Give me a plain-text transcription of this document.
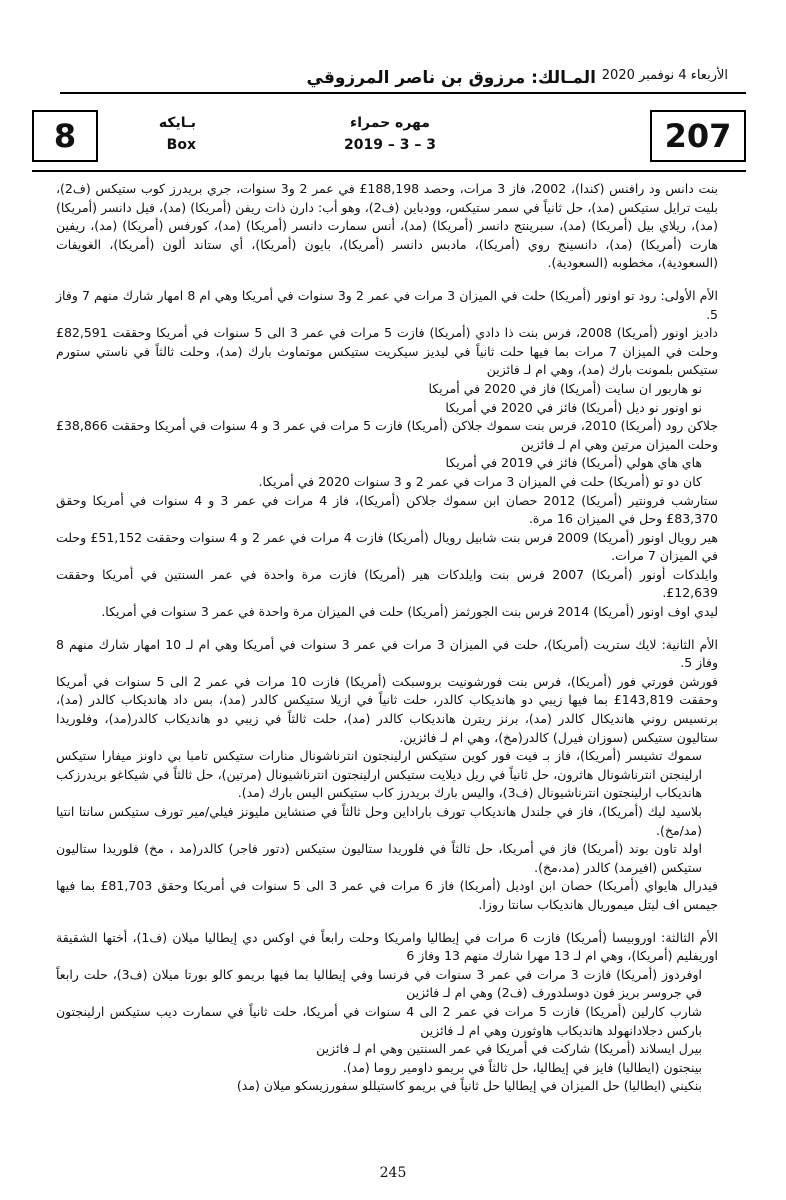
الأربعاء 4 نوفمبر 2020
المـالك: مرزوق بن ناصر المرزوقي
207
مهره حمراء
2019 – 3 – 3
بـايكه
Box
8

بنت دانس ود رافنس (كندا)، 2002، فاز 3 مرات، وحصد 188,198£ في عمر 2 و3 سنوات، جري بريدرز كوب ستيكس (ف2)، بليت ترايل ستيكس (مد)، حل ثانياً في سمر ستيكس، وودباين (ف2)، وهو أب: دارن ذات ريفن (أمريكا) (مد)، فيل دانسر (أمريكا) (مد)، ريلاي بيل (أمريكا) (مد)، سبرينتج دانسر (أمريكا) (مد)، أنس سمارت دانسر (أمريكا) (مد)، كورفس (أمريكا) (مد)، ريفين هارت (أمريكا) (مد)، دانسينج روي (أمريكا)، مادبس دانسر (أمريكا)، بايون (أمريكا)، أي ستاند ألون (أمريكا)، الغويفات (السعودية)، مخطوبه (السعودية).

الأم الأولى: رود تو اونور (أمريكا) حلت في الميزان 3 مرات في عمر 2 و3 سنوات في أمريكا وهي ام 8 امهار شارك منهم 7 وفاز 5.

داديز اونور (أمريكا) 2008، فرس بنت ذا دادي (أمريكا) فازت 5 مرات في عمر 3 الى 5 سنوات في أمريكا وحققت 82,591£ وحلت في الميزان 7 مرات بما فيها حلت ثانياً في ليديز سيكريت ستيكس موتماوث بارك (مد)، وحلت ثالثاً في ناستي ستورم ستيكس بلمونت بارك (مد)، وهي ام لـ فائزين

نو هاربور ان سايت (أمريكا) فاز في 2020 في أمريكا

نو اونور نو ديل (أمريكا) فائز في 2020 في أمريكا

جلاكن رود (أمريكا) 2010، فرس بنت سموك جلاكن (أمريكا) فازت 5 مرات في عمر 3 و 4 سنوات في أمريكا وحققت 38,866£ وحلت الميزان مرتين وهي ام لـ فائزين

هاي هاي هولي (أمريكا) فائز في 2019 في أمريكا

كان دو تو (أمريكا) حلت في الميزان 3 مرات في عمر 2 و 3 سنوات 2020 في أمريكا.

ستارشب فرونتير (أمريكا) 2012 حصان ابن سموك جلاكن (أمريكا)، فاز 4 مرات في عمر 3 و 4 سنوات في أمريكا وحقق 83,370£ وحل في الميزان 16 مرة.

هير رويال اونور (أمريكا) 2009 فرس بنت شابيل رويال (أمريكا) فازت 4 مرات في عمر 2 و 4 سنوات وحققت 51,152£ وحلت في الميزان 7 مرات.

وايلدكات أونور (أمريكا) 2007 فرس بنت وايلدكات هير (أمريكا) فازت مرة واحدة في عمر السنتين في أمريكا وحققت 12,639£.

ليدي اوف اونور (أمريكا) 2014 فرس بنت الجورثمز (أمريكا) حلت في الميزان مرة واحدة في عمر 3 سنوات في أمريكا.

الأم الثانية: لايك ستريت (أمريكا)، حلت في الميزان 3 مرات في عمر 3 سنوات في أمريكا وهي ام لـ 10 امهار شارك منهم 8 وفاز 5.

فورشن فورتي فور (أمريكا)، فرس بنت فورشونيت بروسبكت (أمريكا) فازت 10 مرات في عمر 2 الى 5 سنوات في أمريكا وحققت 143,819£ بما فيها زيبي دو هانديكاب كالدر، حلت ثانياً في ازيلا ستيكس كالدر (مد)، بس داد هانديكاب كالدر (مد)، برنسيس روني هانديكال كالدر (مد)، برنز ريترن هانديكاب كالدر (مد)، حلت ثالثاً في زيبي دو هانديكاب كالدر(مد)، وفلوريدا ستاليون ستيكس (سوزان فيرل) كالدر(مخ)، وهي ام لـ فائزين.

سموك تشيسر (أمريكا)، فاز بـ فيت فور كوين ستيكس ارلينجتون انترناشونال منارات ستيكس تامبا بي داونز ميفارا ستيكس ارلينجتن انترناشونال هاثرون، حل ثانياً في ريل ديلايت ستيكس ارلينجتون انترناشيونال (مرتين)، حل ثالثاً في شيكاغو بريدرزكب هانديكاب ارلينجتون انترناشيونال (ف3)، واليس بارك بريدرز كاب ستيكس اليس بارك (مد).

بلاسيد ليك (أمريكا)، فاز في جلندل هانديكاب تورف باراداين وحل ثالثاً في صنشاين مليونز فيلي/مير تورف ستيكس سانتا انتيا (مد/مخ).

اولد تاون بوند (أمريكا) فاز في أمريكا، حل ثالثاً في فلوريدا ستاليون ستيكس (دتور فاجر) كالدر(مد ، مخ) فلوريدا ستاليون ستيكس (افيرمد) كالدر (مد،مخ).

فيدرال هايواي (أمريكا) حصان ابن اوديل (أمريكا) فاز 6 مرات في عمر 3 الى 5 سنوات في أمريكا وحقق 81,703£ بما فيها جيمس اف ليتل ميموريال هانديكاب سانتا روزا.

الأم الثالثة: اوروبيسا (أمريكا) فازت 6 مرات في إيطاليا وامريكا وحلت رابعاً في اوكس دي إيطاليا ميلان (ف1)، أختها الشقيقة اوريفليم (أمريكا)، وهي ام لـ 13 مهرا شارك منهم 13 وفاز 6

اوفردوز (أمريكا) فازت 3 مرات في عمر 3 سنوات في فرنسا وفي إيطاليا بما فيها بريمو كالو بورتا ميلان (ف3)، حلت رابعاً في جروسر بريز فون دوسلدورف (ف2) وهي ام لـ فائزين

شارب كارلين (أمريكا) فازت 5 مرات في عمر 2 الى 4 سنوات في أمريكا، حلت ثانياً في سمارت ديب ستيكس ارلينجتون باركس دجلادانهولد هانديكاب هاوثورن وهي ام لـ فائزين

بيرل ايسلاند (أمريكا) شاركت في أمريكا في عمر السنتين وهي ام لـ فائزين

بينجتون (ايطاليا) فايز في إيطاليا، حل ثالثاً في بريمو داومير روما (مد).

بنكيني (ايطاليا) حل الميزان في إيطاليا حل ثانياً في بريمو كاستيللو سفورزيسكو ميلان (مد)

245
